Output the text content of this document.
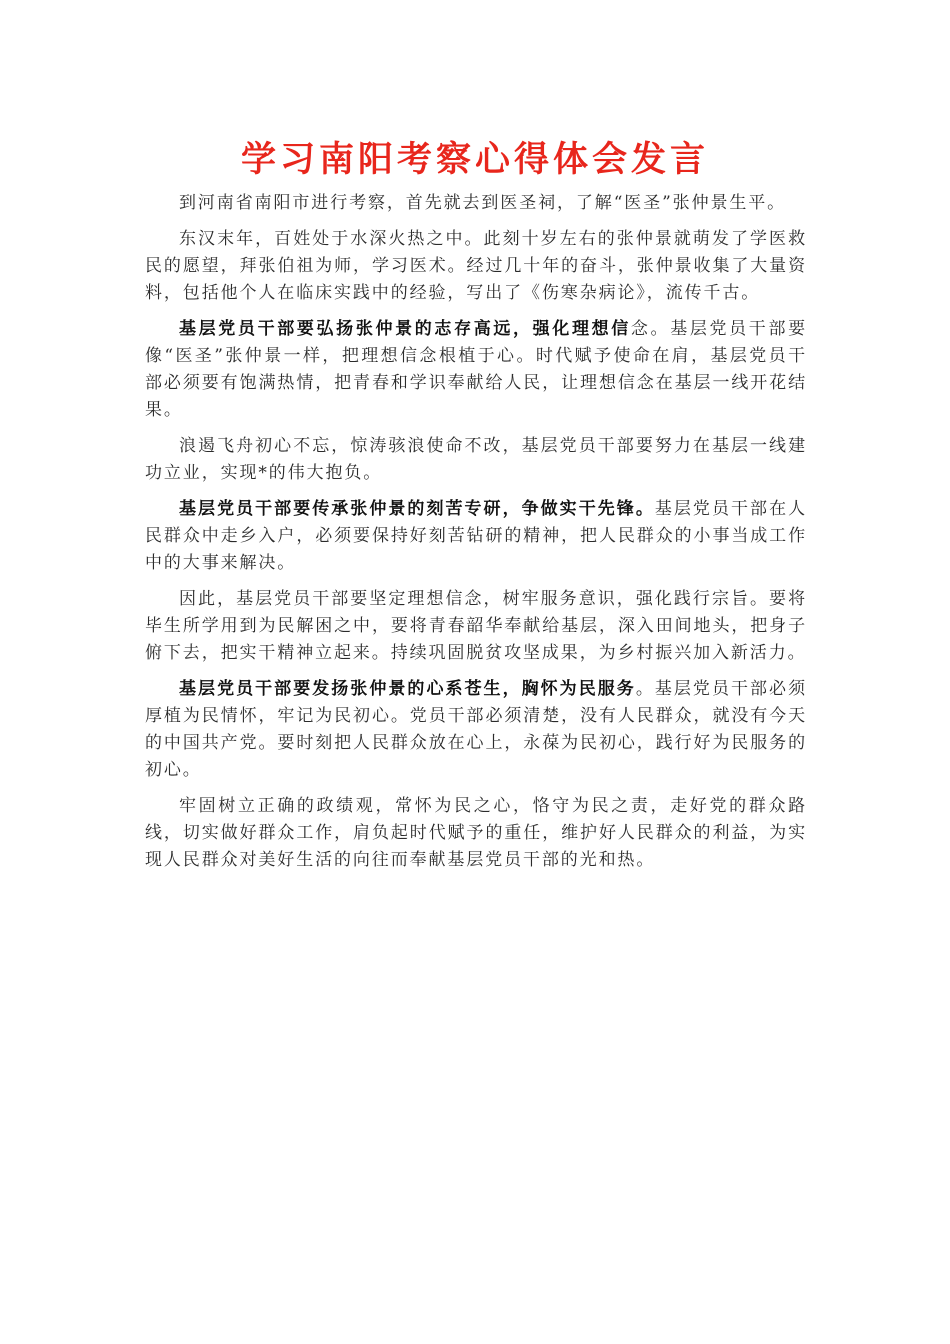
学习南阳考察心得体会发言

到河南省南阳市进行考察，首先就去到医圣祠，了解“医圣”张仲景生平。

东汉末年，百姓处于水深火热之中。此刻十岁左右的张仲景就萌发了学医救民的愿望，拜张伯祖为师，学习医术。经过几十年的奋斗，张仲景收集了大量资料，包括他个人在临床实践中的经验，写出了《伤寒杂病论》，流传千古。

基层党员干部要弘扬张仲景的志存高远，强化理想信念。基层党员干部要像“医圣”张仲景一样，把理想信念根植于心。时代赋予使命在肩，基层党员干部必须要有饱满热情，把青春和学识奉献给人民，让理想信念在基层一线开花结果。

浪遏飞舟初心不忘，惊涛骇浪使命不改，基层党员干部要努力在基层一线建功立业，实现*的伟大抱负。

基层党员干部要传承张仲景的刻苦专研，争做实干先锋。基层党员干部在人民群众中走乡入户，必须要保持好刻苦钻研的精神，把人民群众的小事当成工作中的大事来解决。

因此，基层党员干部要坚定理想信念，树牢服务意识，强化践行宗旨。要将毕生所学用到为民解困之中，要将青春韶华奉献给基层，深入田间地头，把身子俯下去，把实干精神立起来。持续巩固脱贫攻坚成果，为乡村振兴加入新活力。

基层党员干部要发扬张仲景的心系苍生，胸怀为民服务。基层党员干部必须厚植为民情怀，牢记为民初心。党员干部必须清楚，没有人民群众，就没有今天的中国共产党。要时刻把人民群众放在心上，永葆为民初心，践行好为民服务的初心。

牢固树立正确的政绩观，常怀为民之心，恪守为民之责，走好党的群众路线，切实做好群众工作，肩负起时代赋予的重任，维护好人民群众的利益，为实现人民群众对美好生活的向往而奉献基层党员干部的光和热。
